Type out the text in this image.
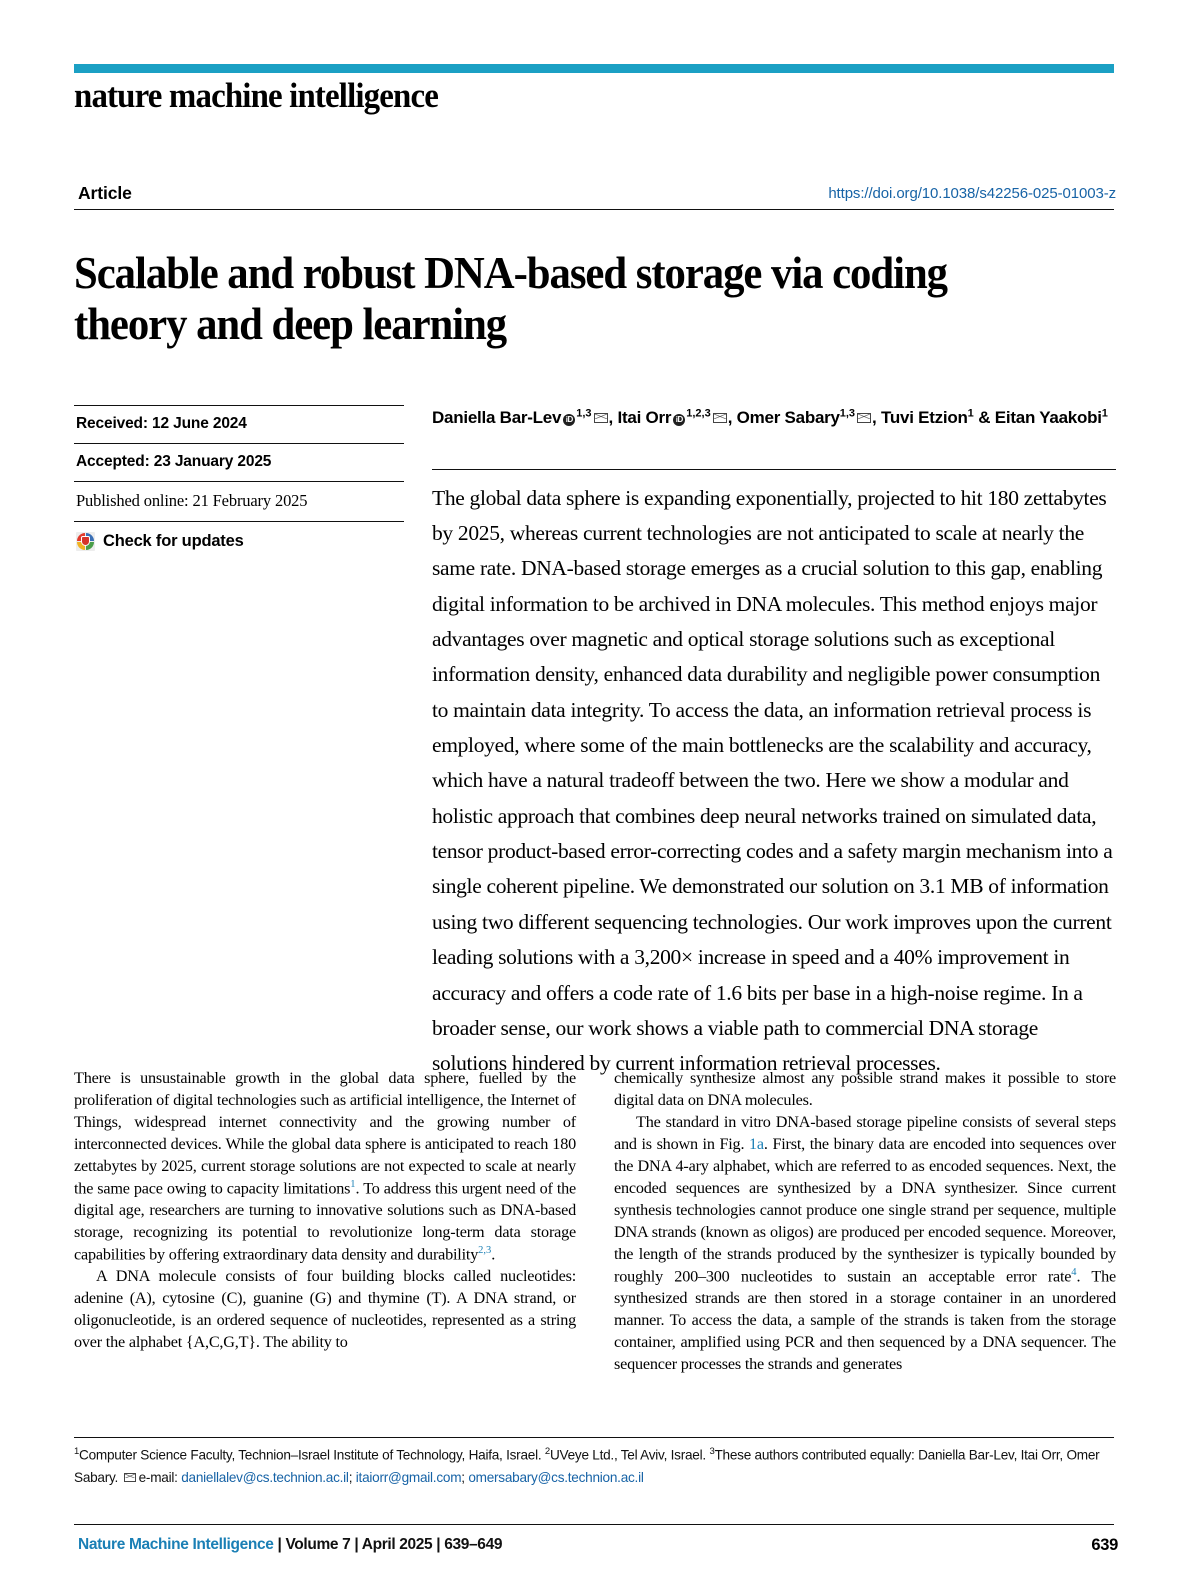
nature machine intelligence
Article	https://doi.org/10.1038/s42256-025-01003-z
Scalable and robust DNA-based storage via coding theory and deep learning
Received: 12 June 2024
Accepted: 23 January 2025
Published online: 21 February 2025
Check for updates
Daniella Bar-Lev iD$^{1,3}$ , Itai Orr iD$^{1,2,3}$ , Omer Sabary$^{1,3}$ , Tuvi Etzion$^1$ & Eitan Yaakobi$^1$
The global data sphere is expanding exponentially, projected to hit 180 zettabytes by 2025, whereas current technologies are not anticipated to scale at nearly the same rate. DNA-based storage emerges as a crucial solution to this gap, enabling digital information to be archived in DNA molecules. This method enjoys major advantages over magnetic and optical storage solutions such as exceptional information density, enhanced data durability and negligible power consumption to maintain data integrity. To access the data, an information retrieval process is employed, where some of the main bottlenecks are the scalability and accuracy, which have a natural tradeoff between the two. Here we show a modular and holistic approach that combines deep neural networks trained on simulated data, tensor product-based error-correcting codes and a safety margin mechanism into a single coherent pipeline. We demonstrated our solution on 3.1 MB of information using two different sequencing technologies. Our work improves upon the current leading solutions with a 3,200× increase in speed and a 40% improvement in accuracy and offers a code rate of 1.6 bits per base in a high-noise regime. In a broader sense, our work shows a viable path to commercial DNA storage solutions hindered by current information retrieval processes.

There is unsustainable growth in the global data sphere, fuelled by the proliferation of digital technologies such as artificial intelligence, the Internet of Things, widespread internet connectivity and the growing number of interconnected devices. While the global data sphere is anticipated to reach 180 zettabytes by 2025, current storage solutions are not expected to scale at nearly the same pace owing to capacity limitations$^1$. To address this urgent need of the digital age, researchers are turning to innovative solutions such as DNA-based storage, recognizing its potential to revolutionize long-term data storage capabilities by offering extraordinary data density and durability$^{2,3}$.

A DNA molecule consists of four building blocks called nucleotides: adenine (A), cytosine (C), guanine (G) and thymine (T). A DNA strand, or oligonucleotide, is an ordered sequence of nucleotides, represented as a string over the alphabet {A,C,G,T}. The ability to

chemically synthesize almost any possible strand makes it possible to store digital data on DNA molecules.

The standard in vitro DNA-based storage pipeline consists of several steps and is shown in Fig. 1a. First, the binary data are encoded into sequences over the DNA 4-ary alphabet, which are referred to as encoded sequences. Next, the encoded sequences are synthesized by a DNA synthesizer. Since current synthesis technologies cannot produce one single strand per sequence, multiple DNA strands (known as oligos) are produced per encoded sequence. Moreover, the length of the strands produced by the synthesizer is typically bounded by roughly 200–300 nucleotides to sustain an acceptable error rate$^4$. The synthesized strands are then stored in a storage container in an unordered manner. To access the data, a sample of the strands is taken from the storage container, amplified using PCR and then sequenced by a DNA sequencer. The sequencer processes the strands and generates

$^1$Computer Science Faculty, Technion–Israel Institute of Technology, Haifa, Israel. $^2$UVeye Ltd., Tel Aviv, Israel. $^3$These authors contributed equally: Daniella Bar-Lev, Itai Orr, Omer Sabary. e-mail: daniellalev@cs.technion.ac.il; itaiorr@gmail.com; omersabary@cs.technion.ac.il
Nature Machine Intelligence | Volume 7 | April 2025 | 639–649	639
